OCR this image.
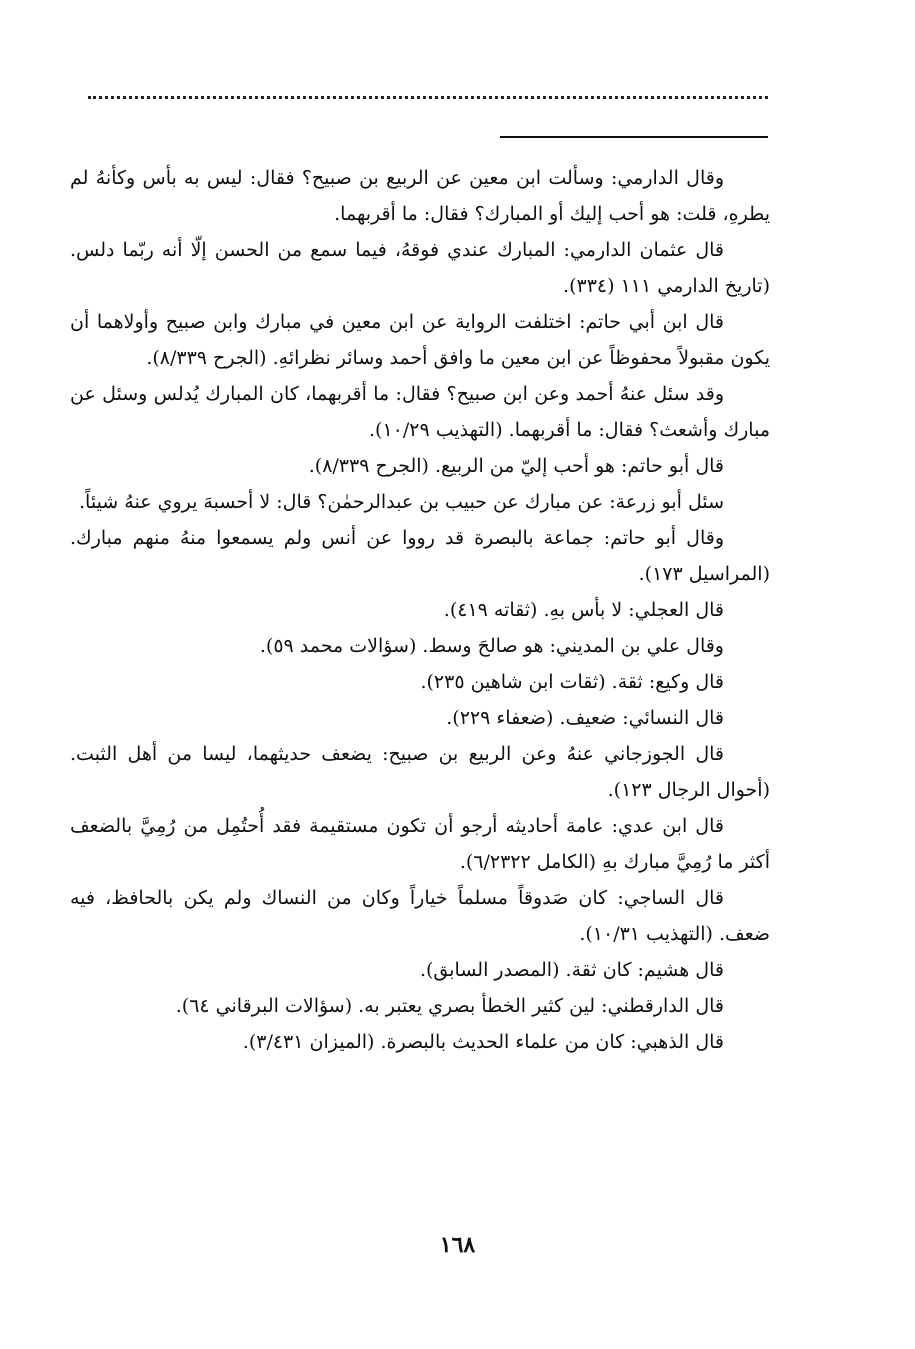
وقال الدارمي: وسألت ابن معين عن الربيع بن صبيح؟ فقال: ليس به بأس وكأنهُ لم يطرهِ، قلت: هو أحب إليك أو المبارك؟ فقال: ما أقربهما.

قال عثمان الدارمي: المبارك عندي فوقهُ، فيما سمع من الحسن إلّا أنه ربّما دلس. (تاريخ الدارمي ١١١ (٣٣٤).

قال ابن أبي حاتم: اختلفت الرواية عن ابن معين في مبارك وابن صبيح وأولاهما أن يكون مقبولاً محفوظاً عن ابن معين ما وافق أحمد وسائر نظرائهِ. (الجرح ٨/٣٣٩).

وقد سئل عنهُ أحمد وعن ابن صبيح؟ فقال: ما أقربهما، كان المبارك يُدلس وسئل عن مبارك وأشعث؟ فقال: ما أقربهما. (التهذيب ١٠/٢٩).

قال أبو حاتم: هو أحب إليّ من الربيع. (الجرح ٨/٣٣٩).

سئل أبو زرعة: عن مبارك عن حبيب بن عبدالرحمٰن؟ قال: لا أحسبهَ يروي عنهُ شيئاً.

وقال أبو حاتم: جماعة بالبصرة قد رووا عن أنس ولم يسمعوا منهُ منهم مبارك. (المراسيل ١٧٣).

قال العجلي: لا بأس بهِ. (ثقاته ٤١٩).

وقال علي بن المديني: هو صالحَ وسط. (سؤالات محمد ٥٩).

قال وكيع: ثقة. (ثقات ابن شاهين ٢٣٥).

قال النسائي: ضعيف. (ضعفاء ٢٢٩).

قال الجوزجاني عنهُ وعن الربيع بن صبيح: يضعف حديثهما، ليسا من أهل الثبت. (أحوال الرجال ١٢٣).

قال ابن عدي: عامة أحاديثه أرجو أن تكون مستقيمة فقد أُحتُمِل من رُمِيَّ بالضعف أكثر ما رُمِيَّ مبارك بهِ (الكامل ٦/٢٣٢٢).

قال الساجي: كان صَدوقاً مسلماً خياراً وكان من النساك ولم يكن بالحافظ، فيه ضعف. (التهذيب ١٠/٣١).

قال هشيم: كان ثقة. (المصدر السابق).

قال الدارقطني: لين كثير الخطأ بصري يعتبر به. (سؤالات البرقاني ٦٤).

قال الذهبي: كان من علماء الحديث بالبصرة. (الميزان ٣/٤٣١).

١٦٨
